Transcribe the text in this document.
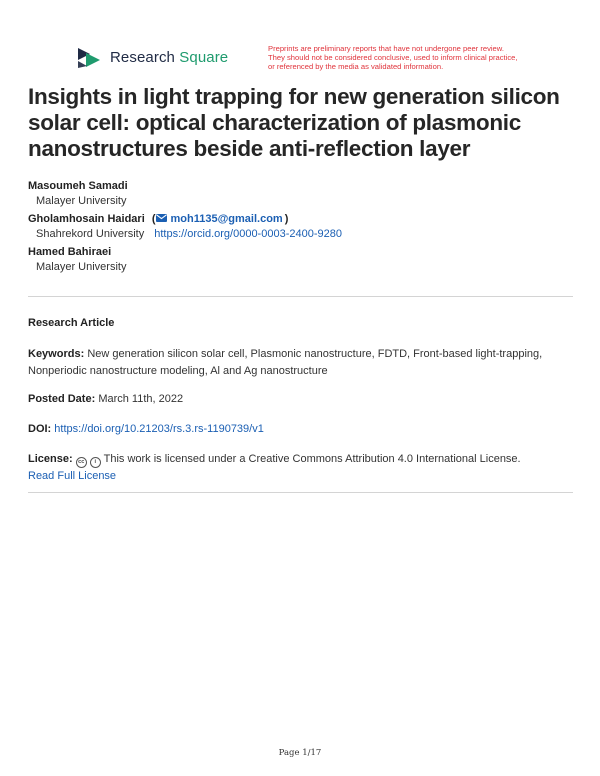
Research Square	Preprints are preliminary reports that have not undergone peer review.
They should not be considered conclusive, used to inform clinical practice,
or referenced by the media as validated information.
Insights in light trapping for new generation silicon
solar cell: optical characterization of plasmonic
nanostructures beside anti-reflection layer
Masoumeh Samadi
Malayer University
Gholamhosain Haidari ( moh1135@gmail.com )
Shahrekord University https://orcid.org/0000-0003-2400-9280
Hamed Bahiraei
Malayer University
Research Article
Keywords: New generation silicon solar cell, Plasmonic nanostructure, FDTD, Front-based light-trapping, Nonperiodic nanostructure modeling, Al and Ag nanostructure
Posted Date: March 11th, 2022
DOI: https://doi.org/10.21203/rs.3.rs-1190739/v1
License: cc i This work is licensed under a Creative Commons Attribution 4.0 International License.
Read Full License
Page 1/17
